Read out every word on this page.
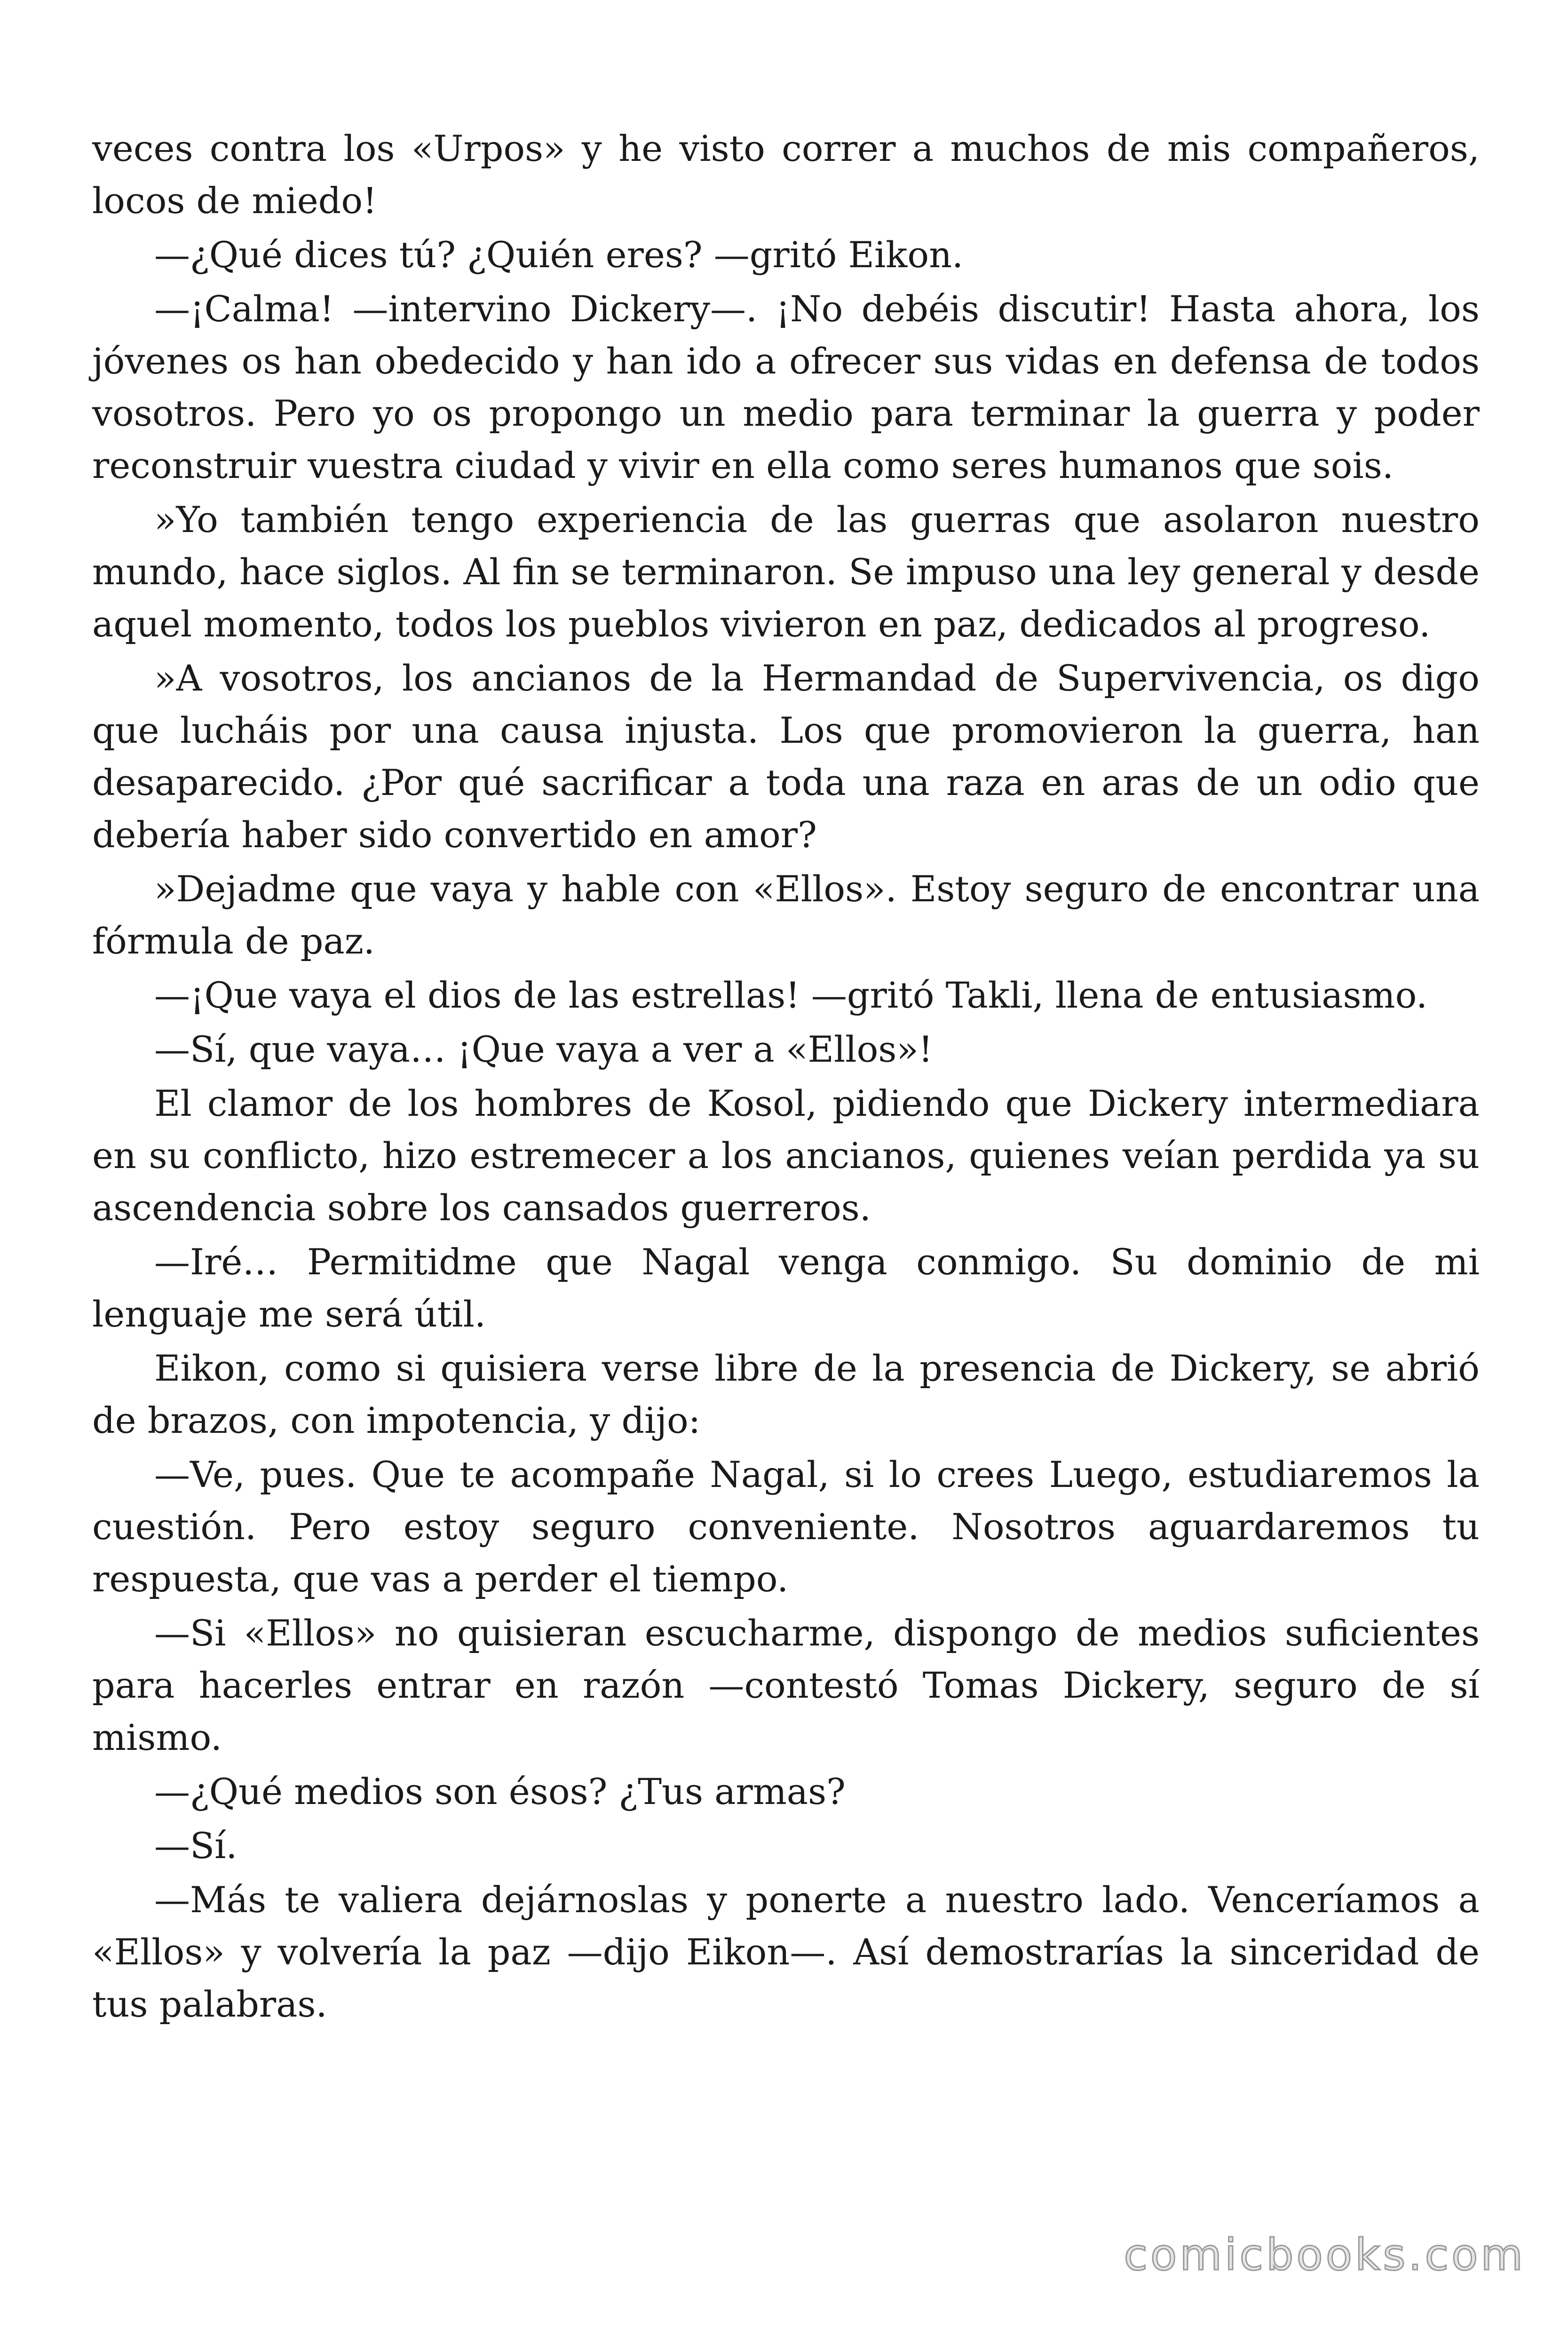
veces contra los «Urpos» y he visto correr a muchos de mis compañeros, locos de miedo!

—¿Qué dices tú? ¿Quién eres? —gritó Eikon.

—¡Calma! —intervino Dickery—. ¡No debéis discutir! Hasta ahora, los jóvenes os han obedecido y han ido a ofrecer sus vidas en defensa de todos vosotros. Pero yo os propongo un medio para terminar la guerra y poder reconstruir vuestra ciudad y vivir en ella como seres humanos que sois.

»Yo también tengo experiencia de las guerras que asolaron nuestro mundo, hace siglos. Al fin se terminaron. Se impuso una ley general y desde aquel momento, todos los pueblos vivieron en paz, dedicados al progreso.

»A vosotros, los ancianos de la Hermandad de Supervivencia, os digo que lucháis por una causa injusta. Los que promovieron la guerra, han desaparecido. ¿Por qué sacrificar a toda una raza en aras de un odio que debería haber sido convertido en amor?

»Dejadme que vaya y hable con «Ellos». Estoy seguro de encontrar una fórmula de paz.

—¡Que vaya el dios de las estrellas! —gritó Takli, llena de entusiasmo.

—Sí, que vaya… ¡Que vaya a ver a «Ellos»!

El clamor de los hombres de Kosol, pidiendo que Dickery intermediara en su conflicto, hizo estremecer a los ancianos, quienes veían perdida ya su ascendencia sobre los cansados guerreros.

—Iré… Permitidme que Nagal venga conmigo. Su dominio de mi lenguaje me será útil.

Eikon, como si quisiera verse libre de la presencia de Dickery, se abrió de brazos, con impotencia, y dijo:

—Ve, pues. Que te acompañe Nagal, si lo crees Luego, estudiaremos la cuestión. Pero estoy seguro conveniente. Nosotros aguardaremos tu respuesta, que vas a perder el tiempo.

—Si «Ellos» no quisieran escucharme, dispongo de medios suficientes para hacerles entrar en razón —contestó Tomas Dickery, seguro de sí mismo.

—¿Qué medios son ésos? ¿Tus armas?

—Sí.

—Más te valiera dejárnoslas y ponerte a nuestro lado. Venceríamos a «Ellos» y volvería la paz —dijo Eikon—. Así demostrarías la sinceridad de tus palabras.

comicbooks.com
